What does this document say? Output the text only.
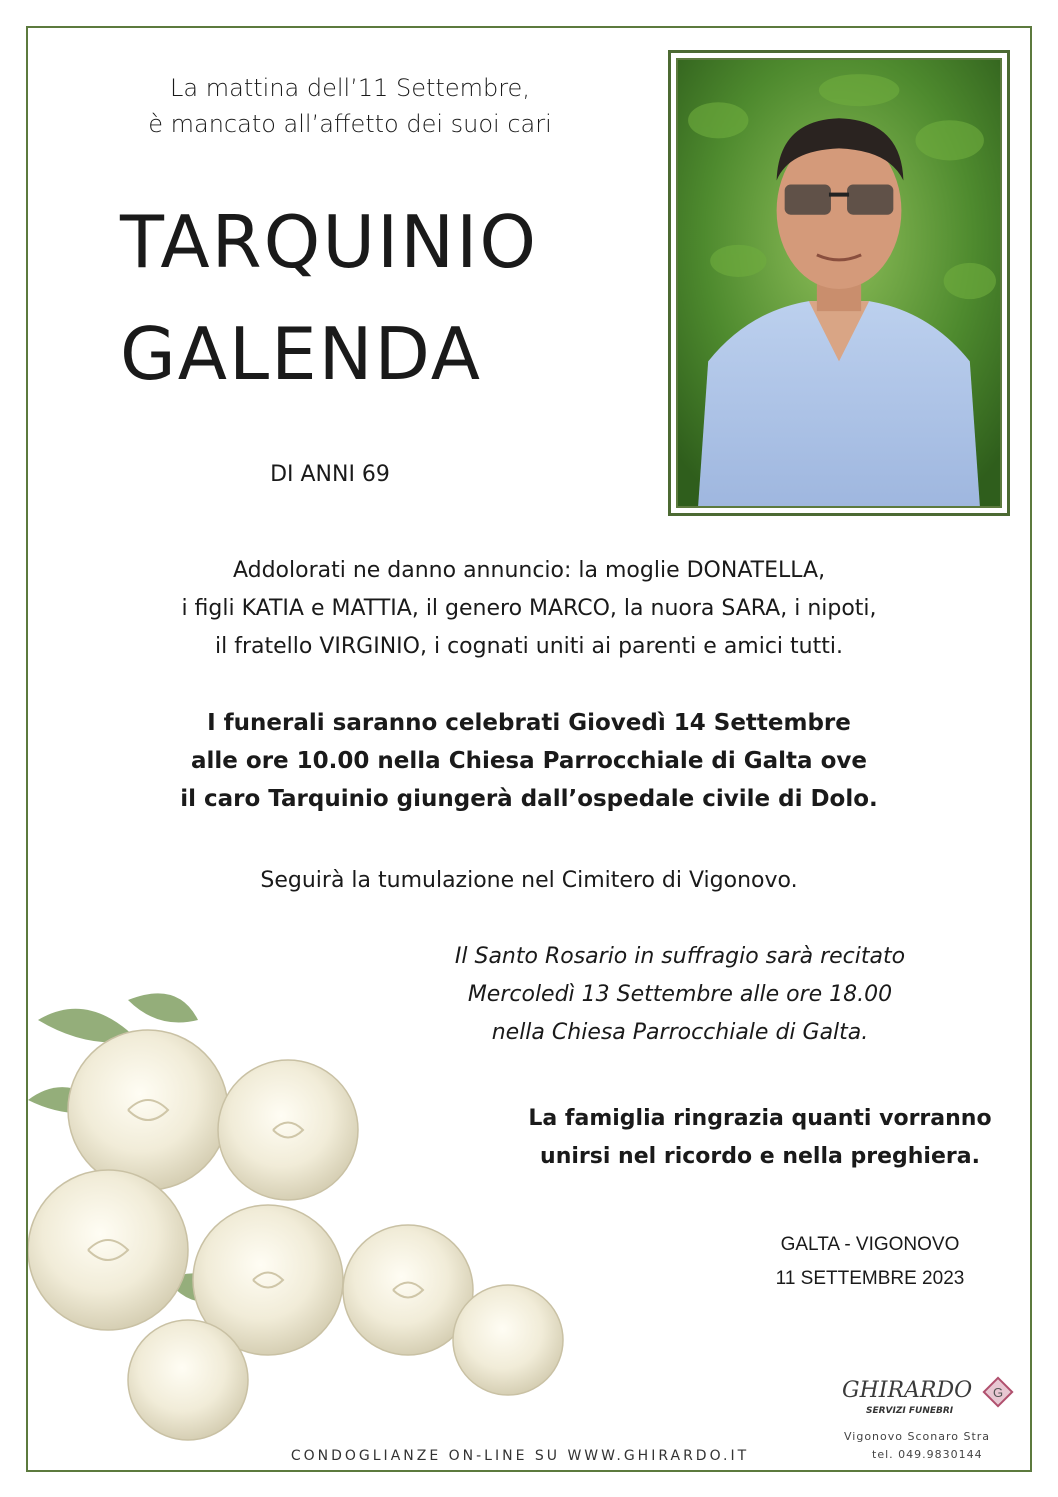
La mattina dell’11 Settembre,
è mancato all’affetto dei suoi cari
TARQUINIO
GALENDA
DI ANNI 69
Addolorati ne danno annuncio: la moglie DONATELLA,
i figli KATIA e MATTIA, il genero MARCO, la nuora SARA, i nipoti,
il fratello VIRGINIO, i cognati uniti ai parenti e amici tutti.
I funerali saranno celebrati Giovedì 14 Settembre
alle ore 10.00 nella Chiesa Parrocchiale di Galta ove
il caro Tarquinio giungerà dall’ospedale civile di Dolo.
Seguirà la tumulazione nel Cimitero di Vigonovo.
Il Santo Rosario in suffragio sarà recitato
Mercoledì 13 Settembre alle ore 18.00
nella Chiesa Parrocchiale di Galta.
La famiglia ringrazia quanti vorranno
unirsi nel ricordo e nella preghiera.
GALTA - VIGONOVO
11 SETTEMBRE 2023
CONDOGLIANZE ON-LINE SU WWW.GHIRARDO.IT
GHIRARDO
SERVIZI FUNEBRI
G
Vigonovo Sconaro Stra
tel. 049.9830144
